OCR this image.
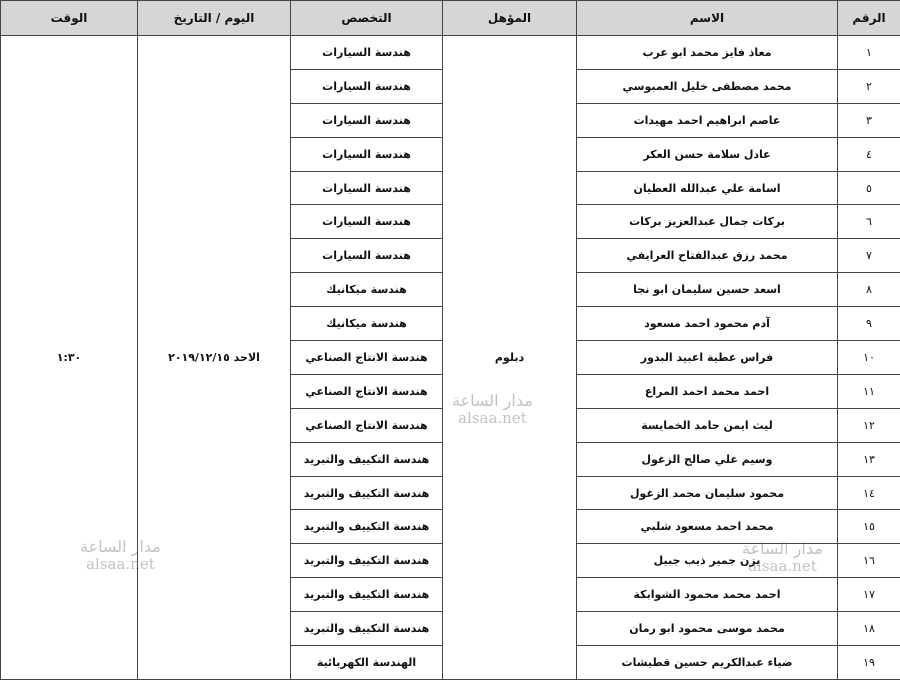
الوقت	اليوم / التاريخ	التخصص	المؤهل	الاسم	الرقم
١:٣٠	الاحد ٢٠١٩/١٢/١٥	هندسة السيارات	دبلوم	معاذ فايز محمد ابو عرب	١
		هندسة السيارات		محمد مصطفى خليل العمبوسي	٢
		هندسة السيارات		عاصم ابراهيم احمد مهيدات	٣
		هندسة السيارات		عادل سلامة حسن العكر	٤
		هندسة السيارات		اسامة علي عبدالله العطيان	٥
		هندسة السيارات		بركات جمال عبدالعزيز بركات	٦
		هندسة السيارات		محمد رزق عبدالفتاح العرايفي	٧
		هندسة ميكانيك		اسعد حسين سليمان ابو نجا	٨
		هندسة ميكانيك		آدم محمود احمد مسعود	٩
		هندسة الانتاج الصناعي		فراس عطية اعبيد البدور	١٠
		هندسة الانتاج الصناعي		احمد محمد احمد المراع	١١
		هندسة الانتاج الصناعي		ليث ايمن حامد الخمايسة	١٢
		هندسة التكييف والتبريد		وسيم علي صالح الزغول	١٣
		هندسة التكييف والتبريد		محمود سليمان محمد الزغول	١٤
		هندسة التكييف والتبريد		محمد احمد مسعود شلبي	١٥
		هندسة التكييف والتبريد		يزن جمير ذيب جبيل	١٦
		هندسة التكييف والتبريد		احمد محمد محمود الشوابكة	١٧
		هندسة التكييف والتبريد		محمد موسى محمود ابو رمان	١٨
		الهندسة الكهربائية		ضياء عبدالكريم حسين قطيشات	١٩
مدار الساعة
alsaa.net
مدار الساعة
alsaa.net
مدار الساعة
alsaa.net
